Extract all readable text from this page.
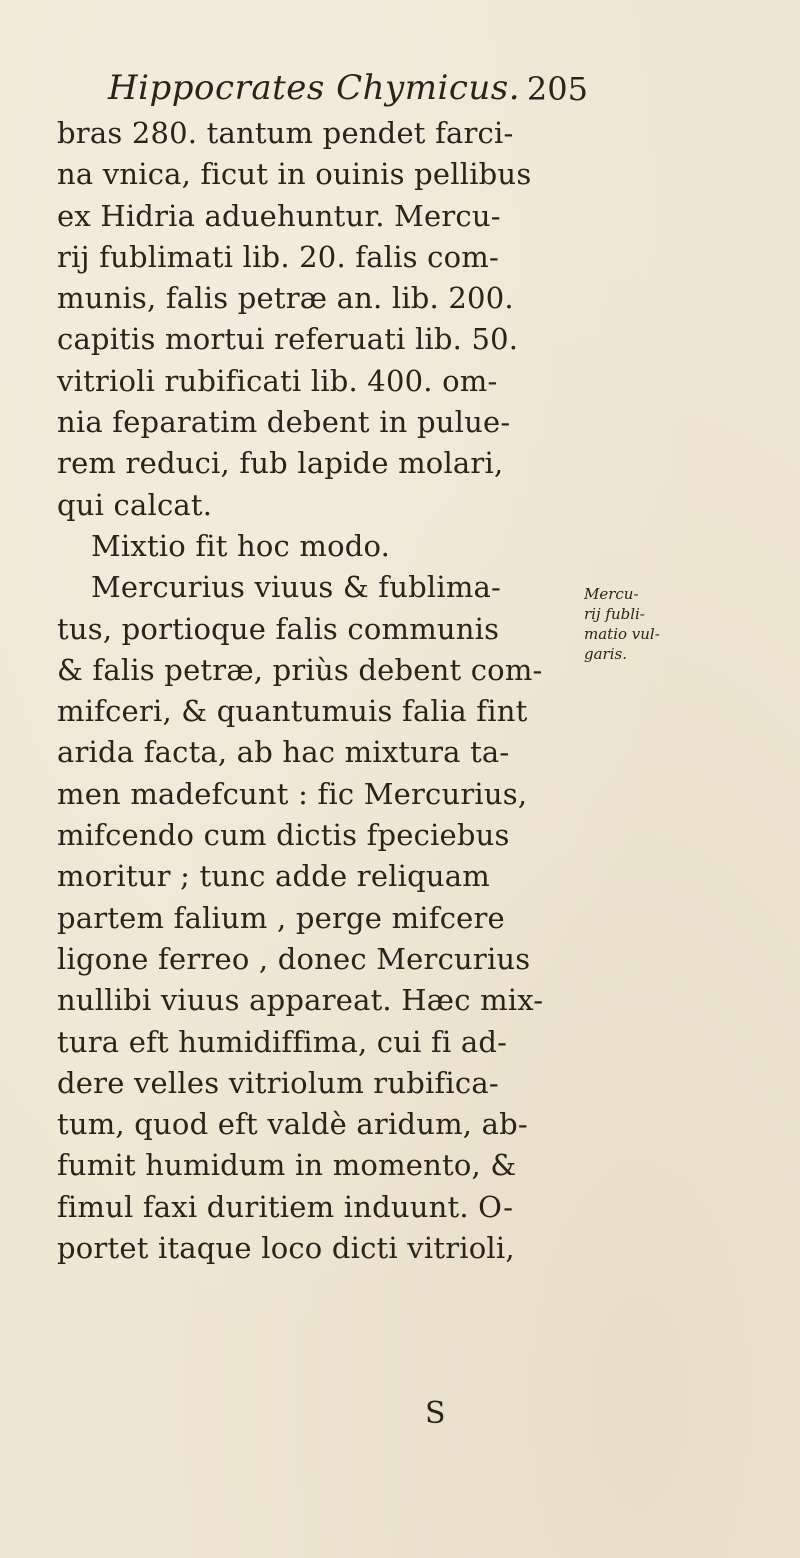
Hippocrates Chymicus. 205
bras 280. tantum pendet farci-
na vnica, ficut in ouinis pellibus
ex Hidria aduehuntur. Mercu-
rij fublimati lib. 20. falis com-
munis, falis petræ an. lib. 200.
capitis mortui referuati lib. 50.
vitrioli rubificati lib. 400. om-
nia feparatim debent in pulue-
rem reduci, fub lapide molari,
qui calcat.
Mixtio fit hoc modo.
Mercurius viuus & fublima-
tus, portioque falis communis
& falis petræ, priùs debent com-
mifceri, & quantumuis falia fint
arida facta, ab hac mixtura ta-
men madefcunt : fic Mercurius,
mifcendo cum dictis fpeciebus
moritur ; tunc adde reliquam
partem falium , perge mifcere
ligone ferreo , donec Mercurius
nullibi viuus appareat. Hæc mix-
tura eft humidiffima, cui fi ad-
dere velles vitriolum rubifica-
tum, quod eft valdè aridum, ab-
fumit humidum in momento, &
fimul faxi duritiem induunt. O-
portet itaque loco dicti vitrioli,
Mercu-
rij fubli-
matio vul-
garis.
S
